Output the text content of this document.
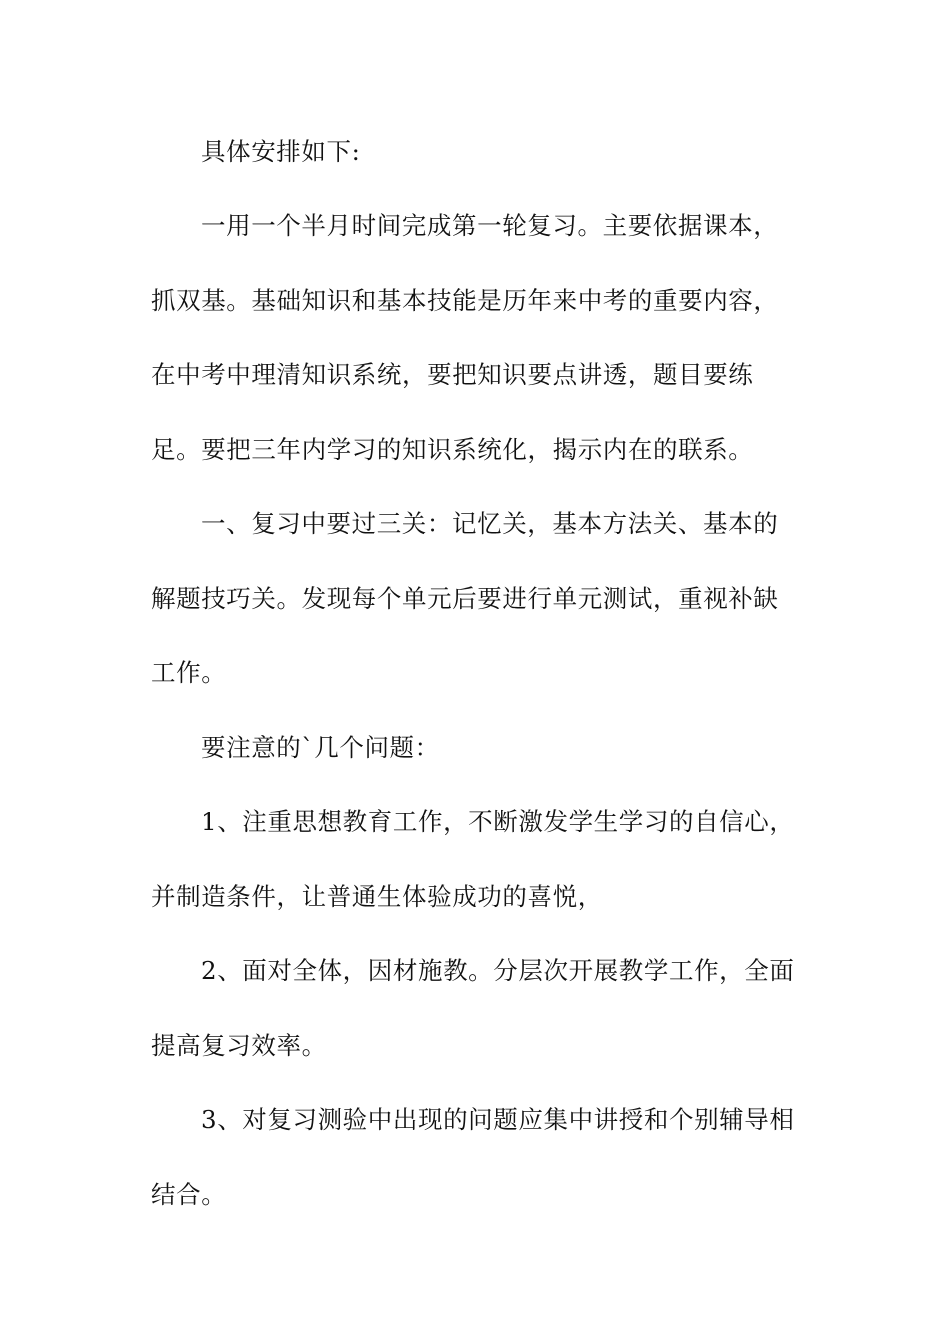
具体安排如下:
一用一个半月时间完成第一轮复习。主要依据课本，
抓双基。基础知识和基本技能是历年来中考的重要内容，
在中考中理清知识系统，要把知识要点讲透，题目要练
足。要把三年内学习的知识系统化，揭示内在的联系。
一、复习中要过三关：记忆关，基本方法关、基本的
解题技巧关。发现每个单元后要进行单元测试，重视补缺
工作。
要注意的`几个问题：
1、注重思想教育工作，不断激发学生学习的自信心，
并制造条件，让普通生体验成功的喜悦，
2、面对全体，因材施教。分层次开展教学工作，全面
提高复习效率。
3、对复习测验中出现的问题应集中讲授和个别辅导相
结合。
